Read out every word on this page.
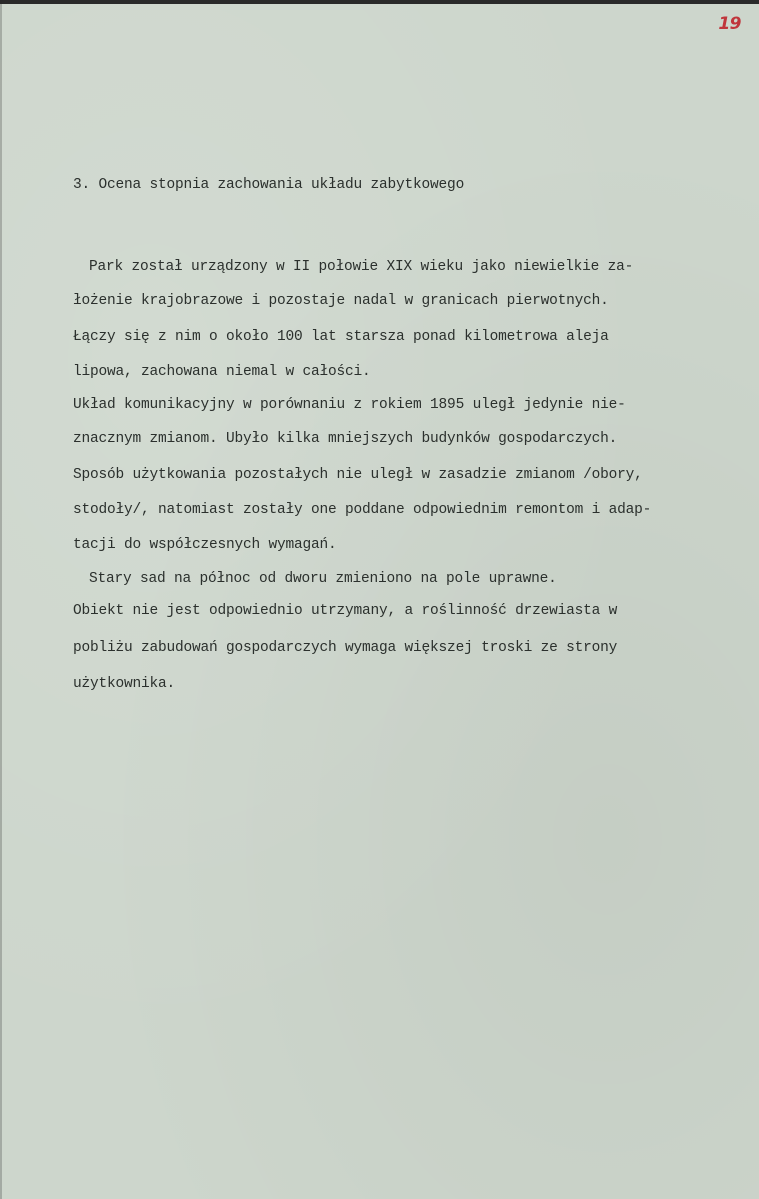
19
3. Ocena stopnia zachowania układu zabytkowego
Park został urządzony w II połowie XIX wieku jako niewielkie za-
łożenie krajobrazowe i pozostaje nadal w granicach pierwotnych.
Łączy się z nim o około 100 lat starsza ponad kilometrowa aleja
lipowa, zachowana niemal w całości.
Układ komunikacyjny w porównaniu z rokiem 1895 uległ jedynie nie-
znacznym zmianom. Ubyło kilka mniejszych budynków gospodarczych.
Sposób użytkowania pozostałych nie uległ w zasadzie zmianom /obory,
stodoły/, natomiast zostały one poddane odpowiednim remontom i adap-
tacji do współczesnych wymagań.
Stary sad na północ od dworu zmieniono na pole uprawne.
Obiekt nie jest odpowiednio utrzymany, a roślinność drzewiasta w
pobliżu zabudowań gospodarczych wymaga większej troski ze strony
użytkownika.
